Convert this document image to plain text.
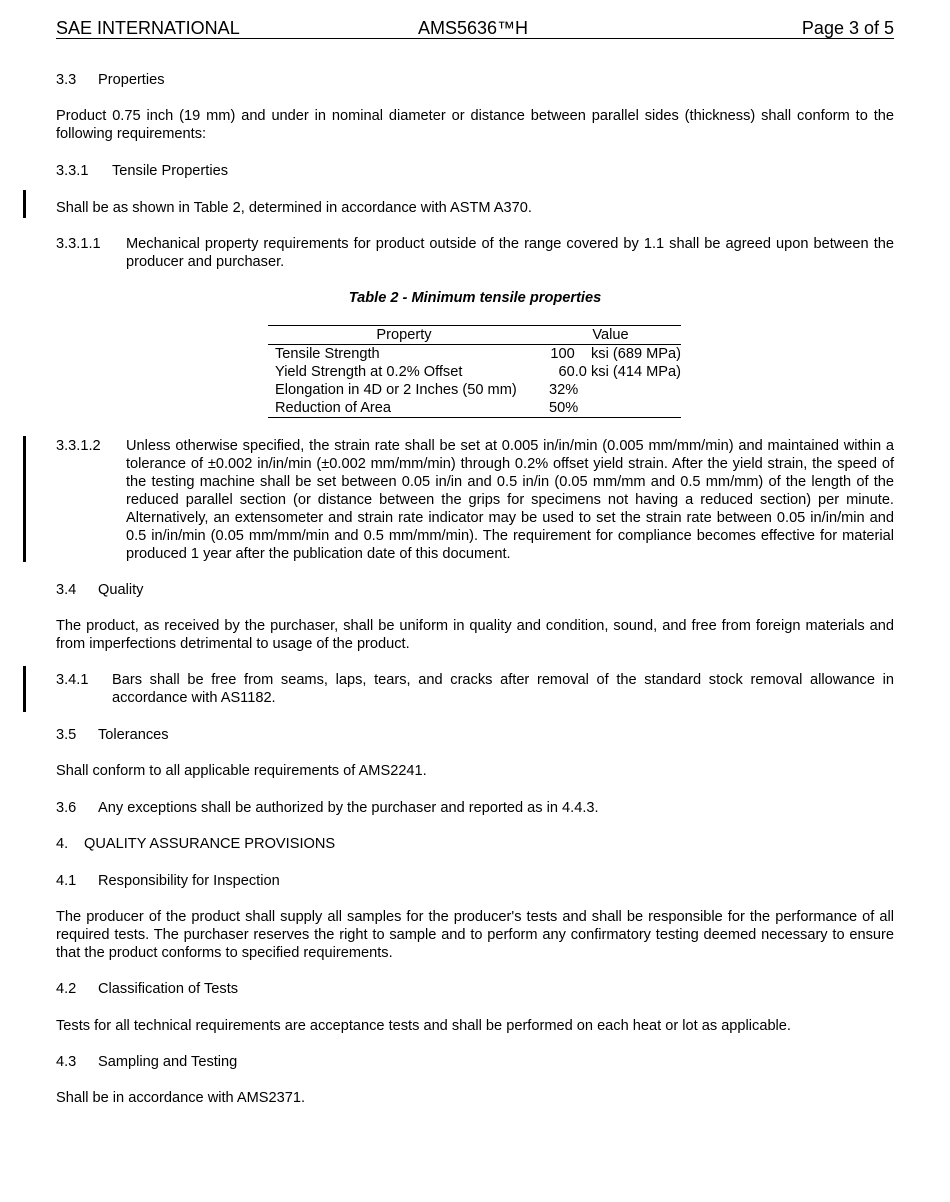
SAE INTERNATIONAL	AMS5636™H	Page 3 of 5
3.3 Properties
Product 0.75 inch (19 mm) and under in nominal diameter or distance between parallel sides (thickness) shall conform to the following requirements:
3.3.1 Tensile Properties
Shall be as shown in Table 2, determined in accordance with ASTM A370.
3.3.1.1 Mechanical property requirements for product outside of the range covered by 1.1 shall be agreed upon between the producer and purchaser.
Table 2 - Minimum tensile properties
Property	Value
Tensile Strength	100    ksi (689 MPa)
Yield Strength at 0.2% Offset	60.0 ksi (414 MPa)
Elongation in 4D or 2 Inches (50 mm)	32%
Reduction of Area	50%
3.3.1.2 Unless otherwise specified, the strain rate shall be set at 0.005 in/in/min (0.005 mm/mm/min) and maintained within a tolerance of ±0.002 in/in/min (±0.002 mm/mm/min) through 0.2% offset yield strain. After the yield strain, the speed of the testing machine shall be set between 0.05 in/in and 0.5 in/in (0.05 mm/mm and 0.5 mm/mm) of the length of the reduced parallel section (or distance between the grips for specimens not having a reduced section) per minute. Alternatively, an extensometer and strain rate indicator may be used to set the strain rate between 0.05 in/in/min and 0.5 in/in/min (0.05 mm/mm/min and 0.5 mm/mm/min). The requirement for compliance becomes effective for material produced 1 year after the publication date of this document.
3.4 Quality
The product, as received by the purchaser, shall be uniform in quality and condition, sound, and free from foreign materials and from imperfections detrimental to usage of the product.
3.4.1 Bars shall be free from seams, laps, tears, and cracks after removal of the standard stock removal allowance in accordance with AS1182.
3.5 Tolerances
Shall conform to all applicable requirements of AMS2241.
3.6 Any exceptions shall be authorized by the purchaser and reported as in 4.4.3.
4. QUALITY ASSURANCE PROVISIONS
4.1 Responsibility for Inspection
The producer of the product shall supply all samples for the producer's tests and shall be responsible for the performance of all required tests. The purchaser reserves the right to sample and to perform any confirmatory testing deemed necessary to ensure that the product conforms to specified requirements.
4.2 Classification of Tests
Tests for all technical requirements are acceptance tests and shall be performed on each heat or lot as applicable.
4.3 Sampling and Testing
Shall be in accordance with AMS2371.
